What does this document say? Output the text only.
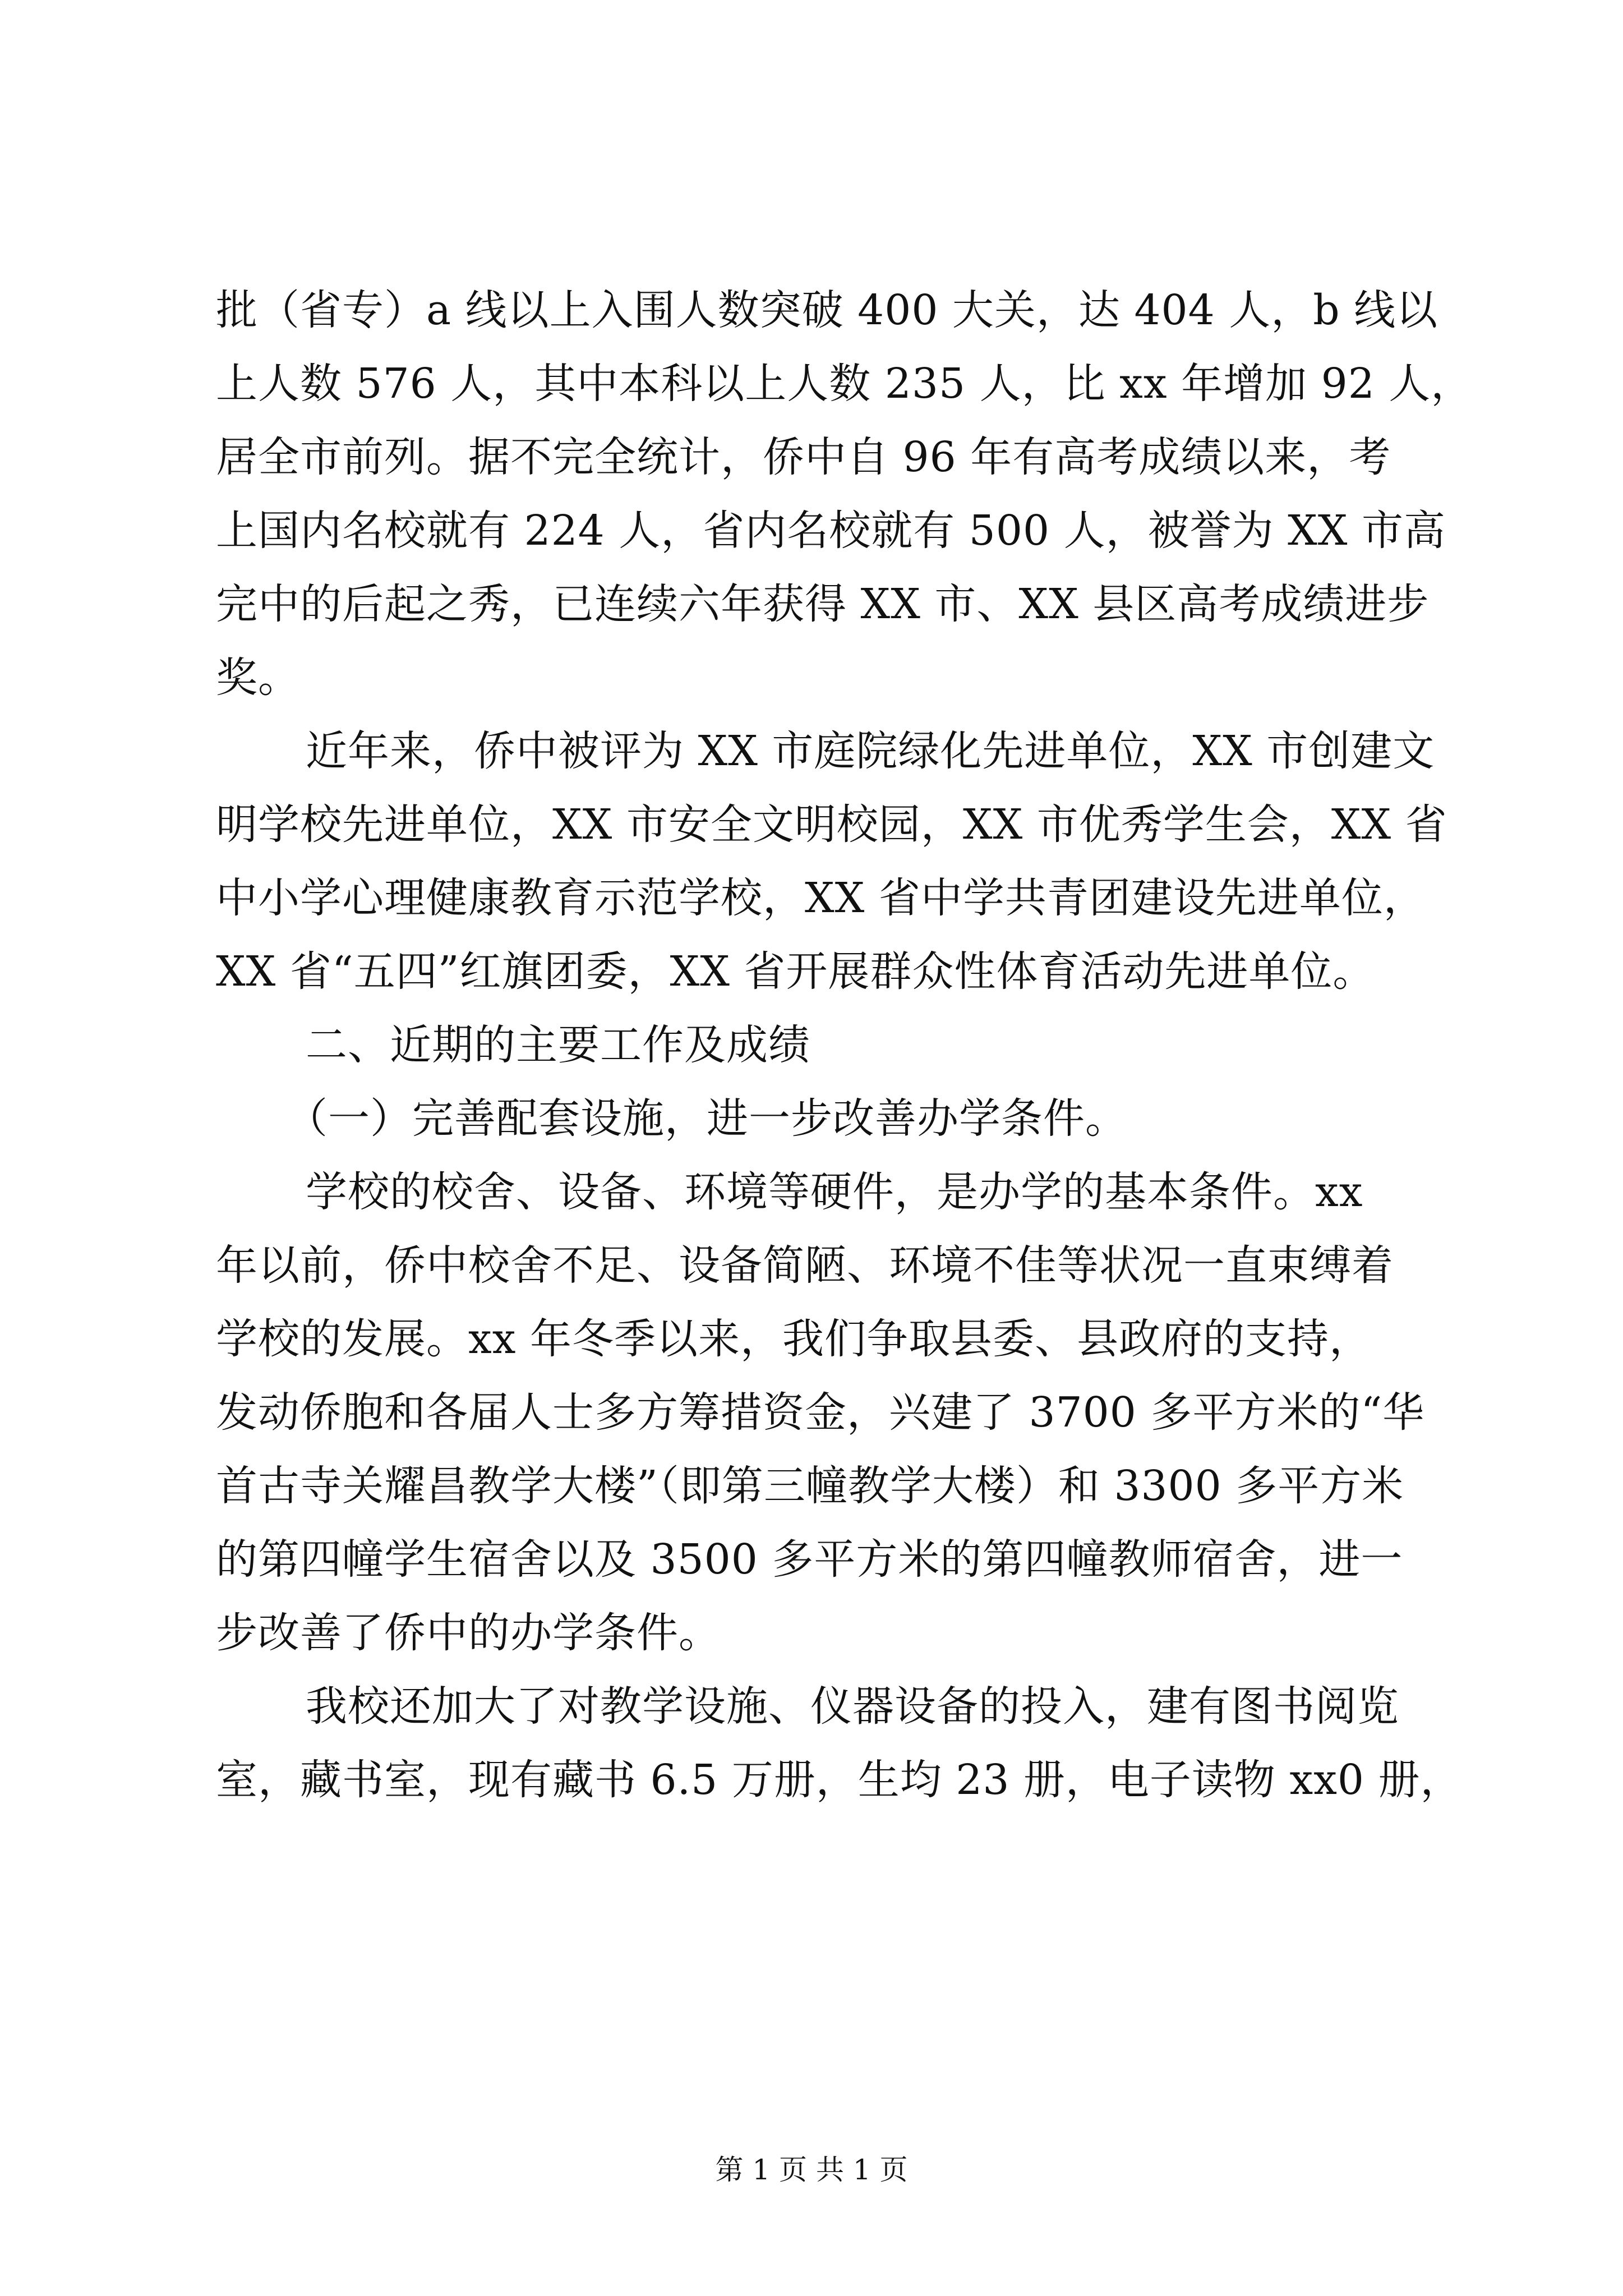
批（省专）a 线以上入围人数突破 400 大关，达 404 人，b 线以
上人数 576 人，其中本科以上人数 235 人，比 xx 年增加 92 人，
居全市前列。据不完全统计，侨中自 96 年有高考成绩以来，考
上国内名校就有 224 人，省内名校就有 500 人，被誉为 XX 市高
完中的后起之秀，已连续六年获得 XX 市、XX 县区高考成绩进步
奖。
近年来，侨中被评为 XX 市庭院绿化先进单位，XX 市创建文
明学校先进单位，XX 市安全文明校园，XX 市优秀学生会，XX 省
中小学心理健康教育示范学校，XX 省中学共青团建设先进单位，
XX 省“五四”红旗团委，XX 省开展群众性体育活动先进单位。
二、近期的主要工作及成绩
（一）完善配套设施，进一步改善办学条件。
学校的校舍、设备、环境等硬件，是办学的基本条件。xx
年以前，侨中校舍不足、设备简陋、环境不佳等状况一直束缚着
学校的发展。xx 年冬季以来，我们争取县委、县政府的支持，
发动侨胞和各届人士多方筹措资金，兴建了 3700 多平方米的“华
首古寺关耀昌教学大楼”（即第三幢教学大楼）和 3300 多平方米
的第四幢学生宿舍以及 3500 多平方米的第四幢教师宿舍，进一
步改善了侨中的办学条件。
我校还加大了对教学设施、仪器设备的投入，建有图书阅览
室，藏书室，现有藏书 6.5 万册，生均 23 册，电子读物 xx0 册，
第 1 页 共 1 页
